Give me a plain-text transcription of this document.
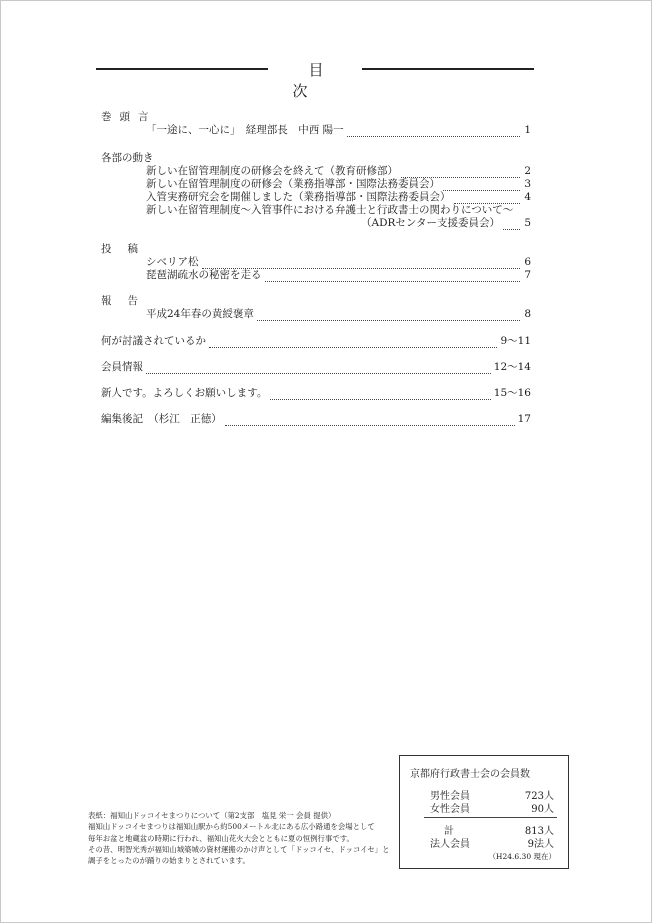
目次
巻頭言
「一途に、一心に」　経理部長　中西 陽一	1
各部の動き
新しい在留管理制度の研修会を終えて（教育研修部）	2
新しい在留管理制度の研修会（業務指導部・国際法務委員会）	3
入管実務研究会を開催しました（業務指導部・国際法務委員会）	4
新しい在留管理制度～入管事件における弁護士と行政書士の関わりについて～
（ADRセンター支援委員会） 5
投稿
シベリア松	6
琵琶湖疏水の秘密を走る	7
報告
平成24年春の黄綬褒章	8
何が討議されているか	9～11
会員情報	12～14
新人です。よろしくお願いします。	15～16
編集後記　（杉江　正徳）	17
表紙：福知山ドッコイセまつりについて（第2支部　塩見 栄一 会員 提供）
福知山ドッコイセまつりは福知山駅から約500メートル北にある広小路通を会場として
毎年お盆と地蔵盆の時期に行われ、福知山花火大会とともに夏の恒例行事です。
その昔、明智光秀が福知山城築城の資材運搬のかけ声として「ドッコイセ、ドッコイセ」と
調子をとったのが踊りの始まりとされています。
京都府行政書士会の会員数
男性会員	723人
女性会員	90人
計	813人
法人会員	9法人
（H24.6.30 現在）
